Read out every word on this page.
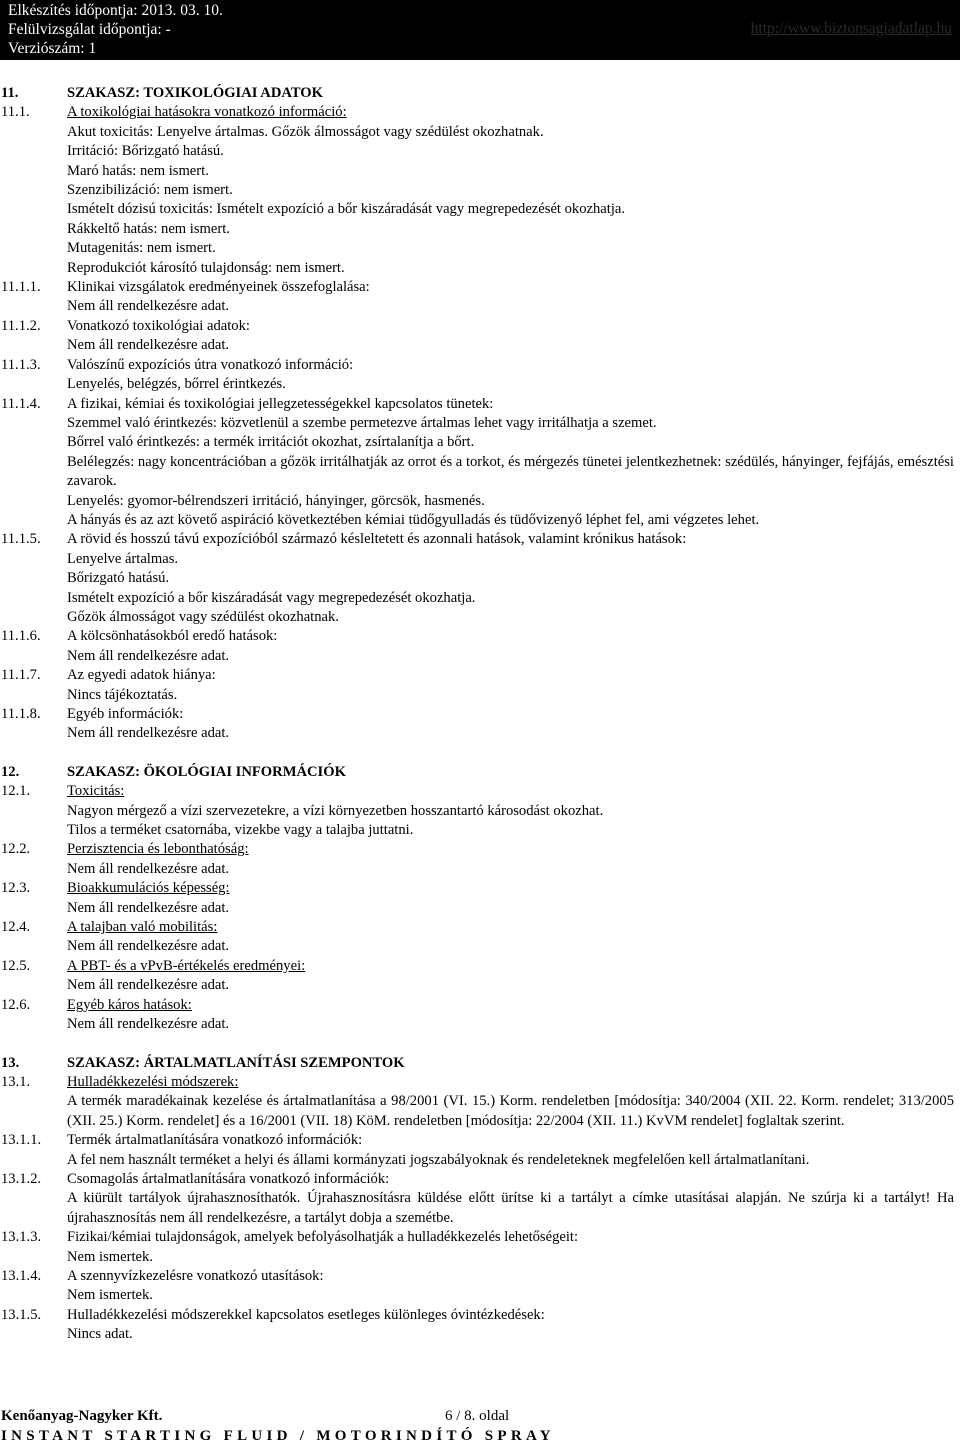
Elkészítés időpontja: 2013. 03. 10.
Felülvizsgálat időpontja: -
Verziószám: 1
http://www.biztonsagiadatlap.hu
11.	SZAKASZ: TOXIKOLÓGIAI ADATOK
11.1.	A toxikológiai hatásokra vonatkozó információ:
Akut toxicitás: Lenyelve ártalmas. Gőzök álmosságot vagy szédülést okozhatnak.
Irritáció: Bőrizgató hatású.
Maró hatás: nem ismert.
Szenzibilizáció: nem ismert.
Ismételt dózisú toxicitás: Ismételt expozíció a bőr kiszáradását vagy megrepedezését okozhatja.
Rákkeltő hatás: nem ismert.
Mutagenitás: nem ismert.
Reprodukciót károsító tulajdonság: nem ismert.
11.1.1.	Klinikai vizsgálatok eredményeinek összefoglalása:
Nem áll rendelkezésre adat.
11.1.2.	Vonatkozó toxikológiai adatok:
Nem áll rendelkezésre adat.
11.1.3.	Valószínű expozíciós útra vonatkozó információ:
Lenyelés, belégzés, bőrrel érintkezés.
11.1.4.	A fizikai, kémiai és toxikológiai jellegzetességekkel kapcsolatos tünetek:
Szemmel való érintkezés: közvetlenül a szembe permetezve ártalmas lehet vagy irritálhatja a szemet.
Bőrrel való érintkezés: a termék irritációt okozhat, zsírtalanítja a bőrt.
Belélegzés: nagy koncentrációban a gőzök irritálhatják az orrot és a torkot, és mérgezés tünetei jelentkezhetnek: szédülés, hányinger, fejfájás, emésztési zavarok.
Lenyelés: gyomor-bélrendszeri irritáció, hányinger, görcsök, hasmenés.
A hányás és az azt követő aspiráció következtében kémiai tüdőgyulladás és tüdővizenyő léphet fel, ami végzetes lehet.
11.1.5.	A rövid és hosszú távú expozícióból származó késleltetett és azonnali hatások, valamint krónikus hatások:
Lenyelve ártalmas.
Bőrizgató hatású.
Ismételt expozíció a bőr kiszáradását vagy megrepedezését okozhatja.
Gőzök álmosságot vagy szédülést okozhatnak.
11.1.6.	A kölcsönhatásokból eredő hatások:
Nem áll rendelkezésre adat.
11.1.7.	Az egyedi adatok hiánya:
Nincs tájékoztatás.
11.1.8.	Egyéb információk:
Nem áll rendelkezésre adat.
12.	SZAKASZ: ÖKOLÓGIAI INFORMÁCIÓK
12.1.	Toxicitás:
Nagyon mérgező a vízi szervezetekre, a vízi környezetben hosszantartó károsodást okozhat.
Tilos a terméket csatornába, vizekbe vagy a talajba juttatni.
12.2.	Perzisztencia és lebonthatóság:
Nem áll rendelkezésre adat.
12.3.	Bioakkumulációs képesség:
Nem áll rendelkezésre adat.
12.4.	A talajban való mobilitás:
Nem áll rendelkezésre adat.
12.5.	A PBT- és a vPvB-értékelés eredményei:
Nem áll rendelkezésre adat.
12.6.	Egyéb káros hatások:
Nem áll rendelkezésre adat.
13.	SZAKASZ: ÁRTALMATLANÍTÁSI SZEMPONTOK
13.1.	Hulladékkezelési módszerek:
A termék maradékainak kezelése és ártalmatlanítása a 98/2001 (VI. 15.) Korm. rendeletben [módosítja: 340/2004 (XII. 22. Korm. rendelet; 313/2005 (XII. 25.) Korm. rendelet] és a 16/2001 (VII. 18) KöM. rendeletben [módosítja: 22/2004 (XII. 11.) KvVM rendelet] foglaltak szerint.
13.1.1.	Termék ártalmatlanítására vonatkozó információk:
A fel nem használt terméket a helyi és állami kormányzati jogszabályoknak és rendeleteknek megfelelően kell ártalmatlanítani.
13.1.2.	Csomagolás ártalmatlanítására vonatkozó információk:
A kiürült tartályok újrahasznosíthatók. Újrahasznosításra küldése előtt ürítse ki a tartályt a címke utasításai alapján. Ne szúrja ki a tartályt! Ha újrahasznosítás nem áll rendelkezésre, a tartályt dobja a szemétbe.
13.1.3.	Fizikai/kémiai tulajdonságok, amelyek befolyásolhatják a hulladékkezelés lehetőségeit:
Nem ismertek.
13.1.4.	A szennyvízkezelésre vonatkozó utasítások:
Nem ismertek.
13.1.5.	Hulladékkezelési módszerekkel kapcsolatos esetleges különleges óvintézkedések:
Nincs adat.
Kenőanyag-Nagyker Kft.	6 / 8. oldal
INSTANT STARTING FLUID / MOTORINDÍTÓ SPRAY
